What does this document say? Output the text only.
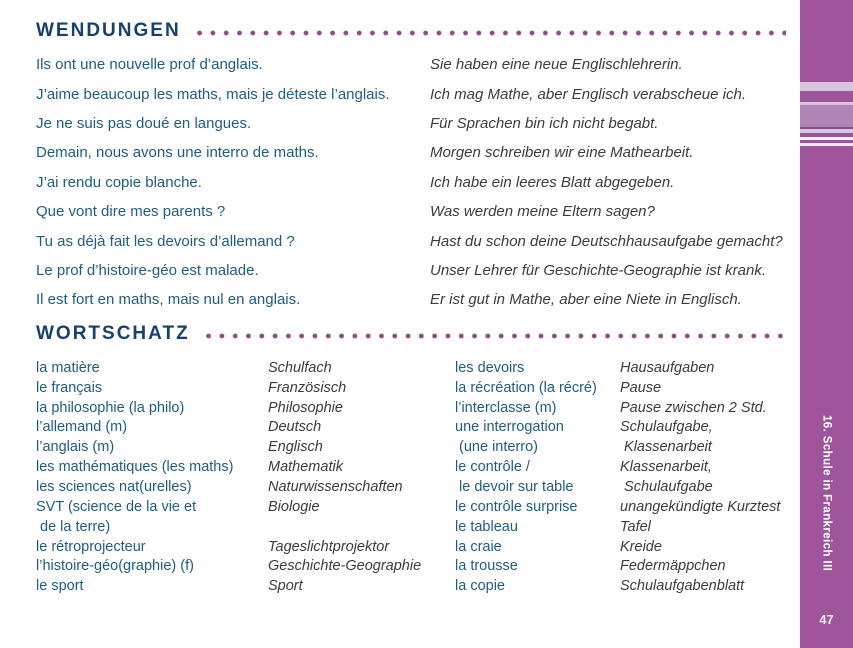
WENDUNGEN
Ils ont une nouvelle prof d’anglais.	Sie haben eine neue Englischlehrerin.
J’aime beaucoup les maths, mais je déteste l’anglais.	Ich mag Mathe, aber Englisch verabscheue ich.
Je ne suis pas doué en langues.	Für Sprachen bin ich nicht begabt.
Demain, nous avons une interro de maths.	Morgen schreiben wir eine Mathearbeit.
J’ai rendu copie blanche.	Ich habe ein leeres Blatt abgegeben.
Que vont dire mes parents ?	Was werden meine Eltern sagen?
Tu as déjà fait les devoirs d’allemand ?	Hast du schon deine Deutschhausaufgabe gemacht?
Le prof d’histoire-géo est malade.	Unser Lehrer für Geschichte-Geographie ist krank.
Il est fort en maths, mais nul en anglais.	Er ist gut in Mathe, aber eine Niete in Englisch.
WORTSCHATZ
la matière	Schulfach
le français	Französisch
la philosophie (la philo)	Philosophie
l’allemand (m)	Deutsch
l’anglais (m)	Englisch
les mathématiques (les maths)	Mathematik
les sciences nat(urelles)	Naturwissenschaften
SVT (science de la vie et	Biologie
de la terre)
le rétroprojecteur	Tageslichtprojektor
l’histoire-géo(graphie) (f)	Geschichte-Geographie
le sport	Sport
les devoirs	Hausaufgaben
la récréation (la récré)	Pause
l’interclasse (m)	Pause zwischen 2 Std.
une interrogation	Schulaufgabe,
(une interro)	Klassenarbeit
le contrôle /	Klassenarbeit,
le devoir sur table	Schulaufgabe
le contrôle surprise	unangekündigte Kurztest
le tableau	Tafel
la craie	Kreide
la trousse	Federmäppchen
la copie	Schulaufgabenblatt
16. Schule in Frankreich III
47
